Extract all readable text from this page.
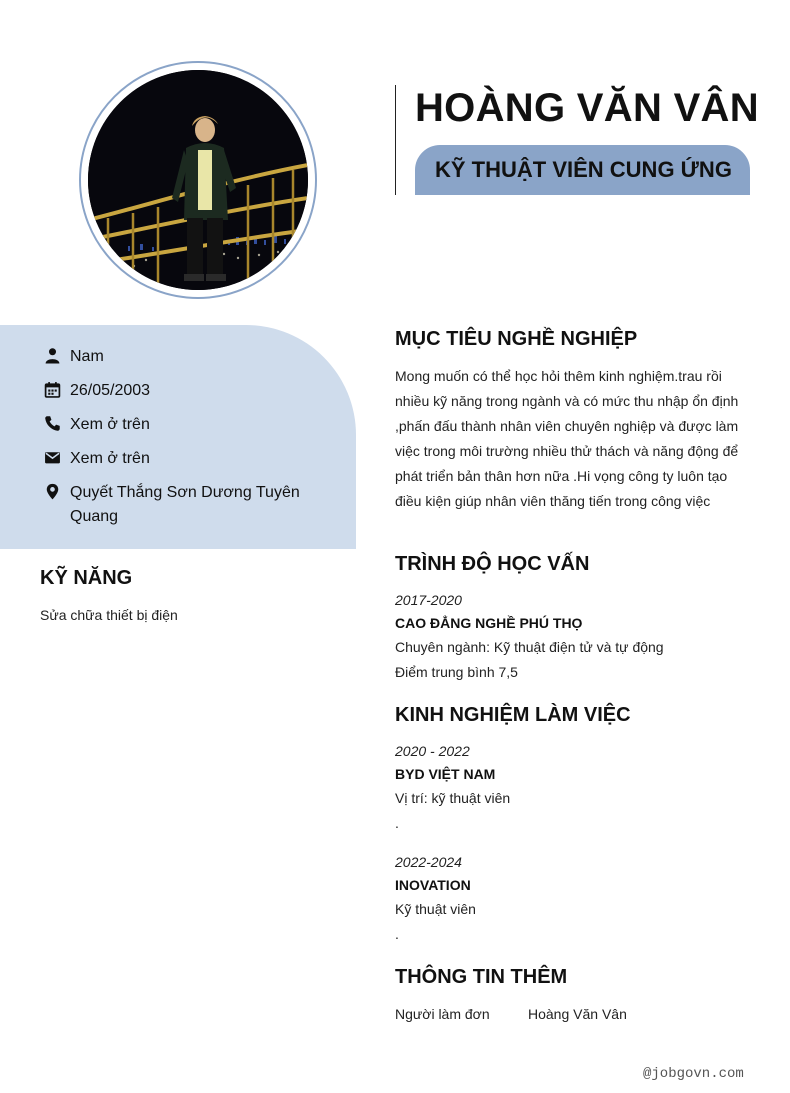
HOÀNG VĂN VÂN
KỸ THUẬT VIÊN CUNG ỨNG
Nam
26/05/2003
Xem ở trên
Xem ở trên
Quyết Thắng Sơn Dương Tuyên Quang
KỸ NĂNG
Sửa chữa thiết bị điện
MỤC TIÊU NGHỀ NGHIỆP
Mong muốn có thể học hỏi thêm kinh nghiệm.trau rồi
nhiều kỹ năng trong ngành và có mức thu nhập ổn định
,phấn đấu thành nhân viên chuyên nghiệp và được làm
việc trong môi trường nhiều thử thách và năng động để
phát triển bản thân hơn nữa .Hi vọng công ty luôn tạo
điều kiện giúp nhân viên thăng tiến trong công việc
TRÌNH ĐỘ HỌC VẤN
2017-2020
CAO ĐẲNG NGHỀ PHÚ THỌ
Chuyên ngành: Kỹ thuật điện tử và tự động
Điểm trung bình 7,5
KINH NGHIỆM LÀM VIỆC
2020 - 2022
BYD VIỆT NAM
Vị trí: kỹ thuật viên
.
2022-2024
INOVATION
Kỹ thuật viên
.
THÔNG TIN THÊM
Người làm đơn	Hoàng Văn Vân
@jobgovn.com
